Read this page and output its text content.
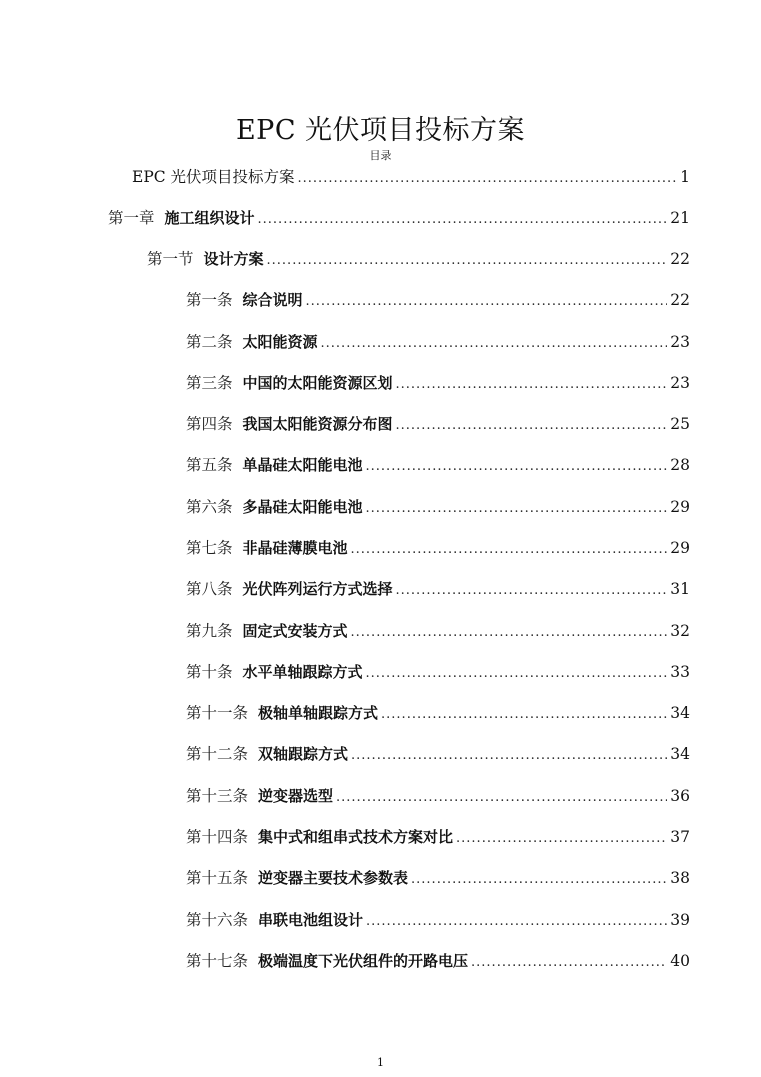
EPC 光伏项目投标方案
目录
EPC 光伏项目投标方案 .....	1
第一章 施工组织设计 .....	21
第一节 设计方案 .....	22
第一条 综合说明 .....	22
第二条 太阳能资源 .....	23
第三条 中国的太阳能资源区划 .....	23
第四条 我国太阳能资源分布图 .....	25
第五条 单晶硅太阳能电池 .....	28
第六条 多晶硅太阳能电池 .....	29
第七条 非晶硅薄膜电池 .....	29
第八条 光伏阵列运行方式选择 .....	31
第九条 固定式安装方式 .....	32
第十条 水平单轴跟踪方式 .....	33
第十一条 极轴单轴跟踪方式 .....	34
第十二条 双轴跟踪方式 .....	34
第十三条 逆变器选型 .....	36
第十四条 集中式和组串式技术方案对比 .....	37
第十五条 逆变器主要技术参数表 .....	38
第十六条 串联电池组设计 .....	39
第十七条 极端温度下光伏组件的开路电压 .....	40
1
